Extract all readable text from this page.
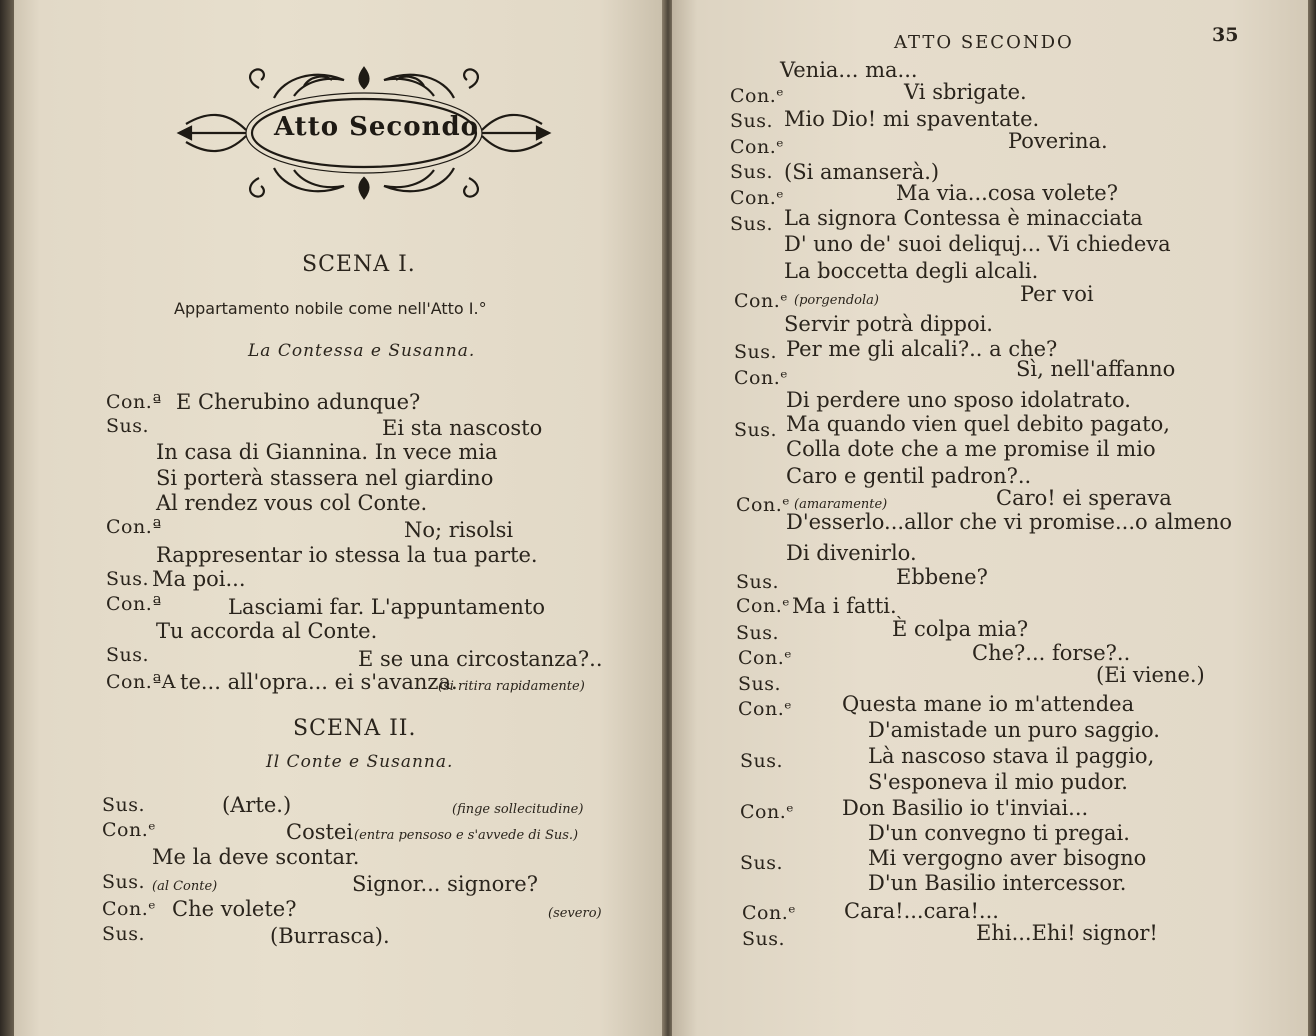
Atto Secondo
SCENA I.
Appartamento nobile come nell'Atto I.°
La Contessa e Susanna.
Con.ª E Cherubino adunque?
Sus.	Ei sta nascosto
In casa di Giannina. In vece mia
Si porterà stassera nel giardino
Al rendez vous col Conte.
Con.ª	No; risolsi
Rappresentar io stessa la tua parte.
Sus. Ma poi...
Con.ª	Lasciami far. L'appuntamento
Tu accorda al Conte.
Sus.	E se una circostanza?..
Con.ªA te... all'opra... ei s'avanza.
(si ritira rapidamente)
SCENA II.
Il Conte e Susanna.
Sus.	(Arte.)	(finge sollecitudine)
Con.ᵉ	Costei (entra pensoso e s'avvede di Sus.)
Me la deve scontar.
Sus. (al Conte)	Signor... signore?
Con.ᵉ Che volete?	(severo)
Sus.	(Burrasca).
ATTO SECONDO	35
Venia... ma...
Con.ᵉ	Vi sbrigate.
Sus. Mio Dio! mi spaventate.
Con.ᵉ	Poverina.
Sus. (Si amanserà.)
Con.ᵉ	Ma via...cosa volete?
Sus. La signora Contessa è minacciata
D' uno de' suoi deliquj... Vi chiedeva
La boccetta degli alcali.
Con.ᵉ (porgendola)	Per voi
Servir potrà dippoi.
Sus. Per me gli alcali?.. a che?
Con.ᵉ	Sì, nell'affanno
Di perdere uno sposo idolatrato.
Sus. Ma quando vien quel debito pagato,
Colla dote che a me promise il mio
Caro e gentil padron?..
Con.ᵉ (amaramente)	Caro! ei sperava
D'esserlo...allor che vi promise...o almeno
Di divenirlo.
Sus.	Ebbene?
Con.ᵉ Ma i fatti.
Sus.	È colpa mia?
Con.ᵉ	Che?... forse?..
Sus.	(Ei viene.)
Con.ᵉ Questa mane io m'attendea
D'amistade un puro saggio.
Sus.	Là nascoso stava il paggio,
S'esponeva il mio pudor.
Con.ᵉ Don Basilio io t'inviai...
D'un convegno ti pregai.
Sus.	Mi vergogno aver bisogno
D'un Basilio intercessor.
Con.ᵉ Cara!...cara!...
Sus.	Ehi...Ehi! signor!
